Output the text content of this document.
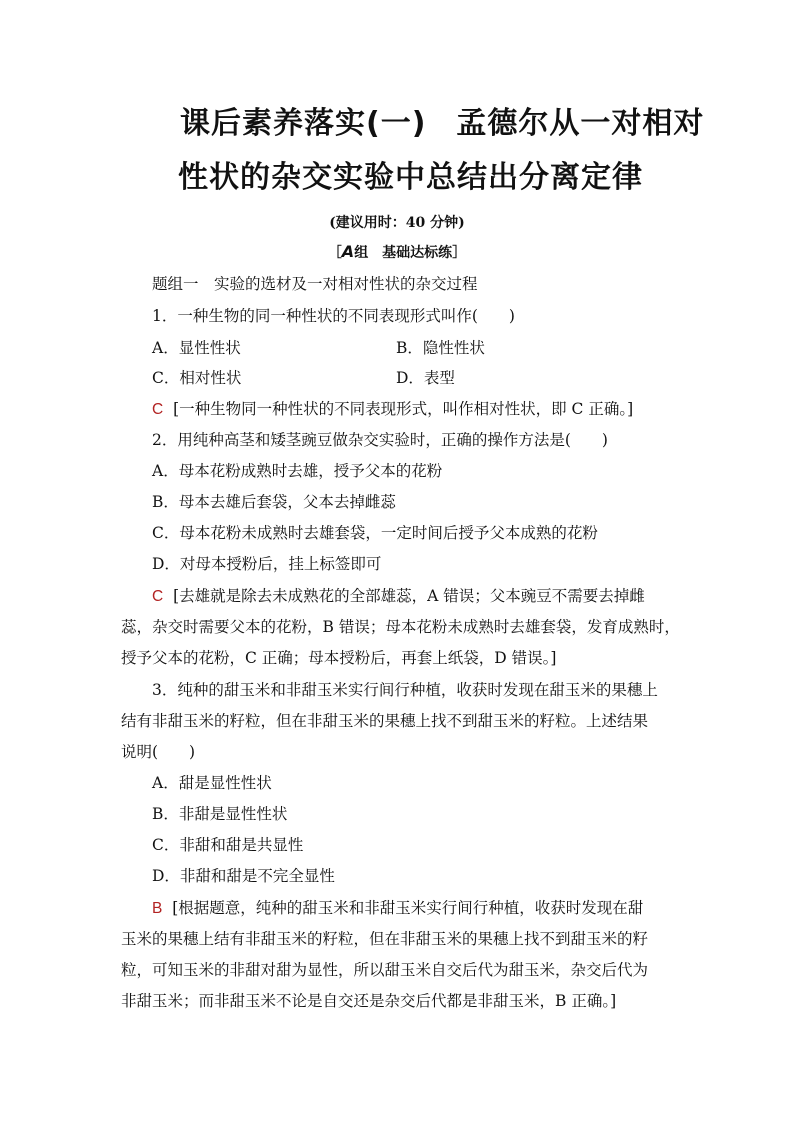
课后素养落实(一) 孟德尔从一对相对
性状的杂交实验中总结出分离定律
(建议用时：40 分钟)
［A组　基础达标练］
题组一　实验的选材及一对相对性状的杂交过程
1．一种生物的同一种性状的不同表现形式叫作(　　)
A．显性性状	B．隐性性状
C．相对性状	D．表型
C [一种生物同一种性状的不同表现形式，叫作相对性状，即 C 正确。]
2．用纯种高茎和矮茎豌豆做杂交实验时，正确的操作方法是(　　)
A．母本花粉成熟时去雄，授予父本的花粉
B．母本去雄后套袋，父本去掉雌蕊
C．母本花粉未成熟时去雄套袋，一定时间后授予父本成熟的花粉
D．对母本授粉后，挂上标签即可
C [去雄就是除去未成熟花的全部雄蕊，A 错误；父本豌豆不需要去掉雌
蕊，杂交时需要父本的花粉，B 错误；母本花粉未成熟时去雄套袋，发育成熟时，
授予父本的花粉，C 正确；母本授粉后，再套上纸袋，D 错误。]
3．纯种的甜玉米和非甜玉米实行间行种植，收获时发现在甜玉米的果穗上
结有非甜玉米的籽粒，但在非甜玉米的果穗上找不到甜玉米的籽粒。上述结果
说明(　　)
A．甜是显性性状
B．非甜是显性性状
C．非甜和甜是共显性
D．非甜和甜是不完全显性
B [根据题意，纯种的甜玉米和非甜玉米实行间行种植，收获时发现在甜
玉米的果穗上结有非甜玉米的籽粒，但在非甜玉米的果穗上找不到甜玉米的籽
粒，可知玉米的非甜对甜为显性，所以甜玉米自交后代为甜玉米，杂交后代为
非甜玉米；而非甜玉米不论是自交还是杂交后代都是非甜玉米，B 正确。]
